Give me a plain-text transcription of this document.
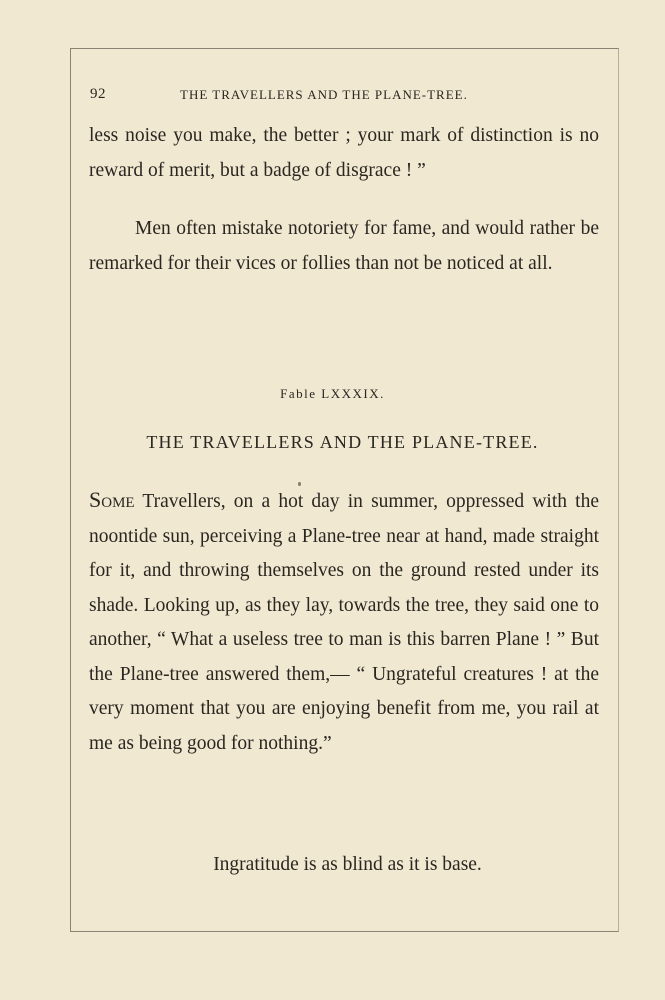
92	THE TRAVELLERS AND THE PLANE-TREE.

less noise you make, the better ; your mark of distinction is no reward of merit, but a badge of disgrace ! ”

Men often mistake notoriety for fame, and would rather be remarked for their vices or follies than not be noticed at all.

Fable LXXXIX.
THE TRAVELLERS AND THE PLANE-TREE.

Some Travellers, on a hot day in summer, oppressed with the noontide sun, perceiving a Plane-tree near at hand, made straight for it, and throwing themselves on the ground rested under its shade. Looking up, as they lay, towards the tree, they said one to another, “ What a useless tree to man is this barren Plane ! ” But the Plane-tree answered them,— “ Ungrateful creatures ! at the very moment that you are enjoying benefit from me, you rail at me as being good for nothing.”

Ingratitude is as blind as it is base.
